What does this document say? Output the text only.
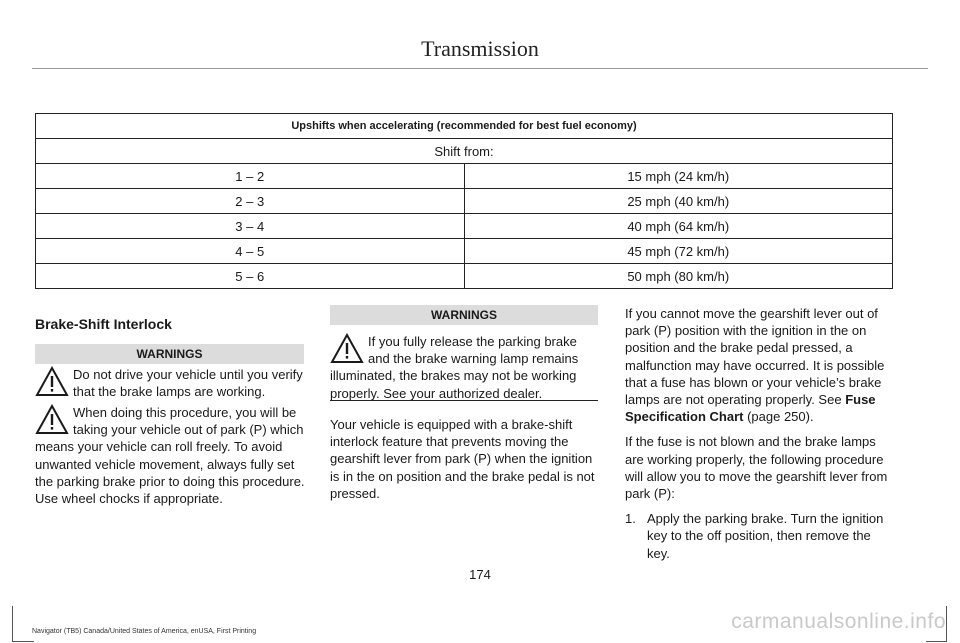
Transmission
Upshifts when accelerating (recommended for best fuel economy)	
Shift from:	
1 – 2	15 mph (24 km/h)
2 – 3	25 mph (40 km/h)
3 – 4	40 mph (64 km/h)
4 – 5	45 mph (72 km/h)
5 – 6	50 mph (80 km/h)
Brake-Shift Interlock
WARNINGS
Do not drive your vehicle until you verify that the brake lamps are working.
When doing this procedure, you will be taking your vehicle out of park (P) which means your vehicle can roll freely. To avoid unwanted vehicle movement, always fully set the parking brake prior to doing this procedure. Use wheel chocks if appropriate.
WARNINGS
If you fully release the parking brake and the brake warning lamp remains illuminated, the brakes may not be working properly. See your authorized dealer.
Your vehicle is equipped with a brake-shift interlock feature that prevents moving the gearshift lever from park (P) when the ignition is in the on position and the brake pedal is not pressed.

If you cannot move the gearshift lever out of park (P) position with the ignition in the on position and the brake pedal pressed, a malfunction may have occurred. It is possible that a fuse has blown or your vehicle’s brake lamps are not operating properly. See Fuse Specification Chart (page 250).

If the fuse is not blown and the brake lamps are working properly, the following procedure will allow you to move the gearshift lever from park (P):

1. Apply the parking brake. Turn the ignition key to the off position, then remove the key.
174
Navigator (TB5) Canada/United States of America, enUSA, First Printing	carmanualsonline.info
